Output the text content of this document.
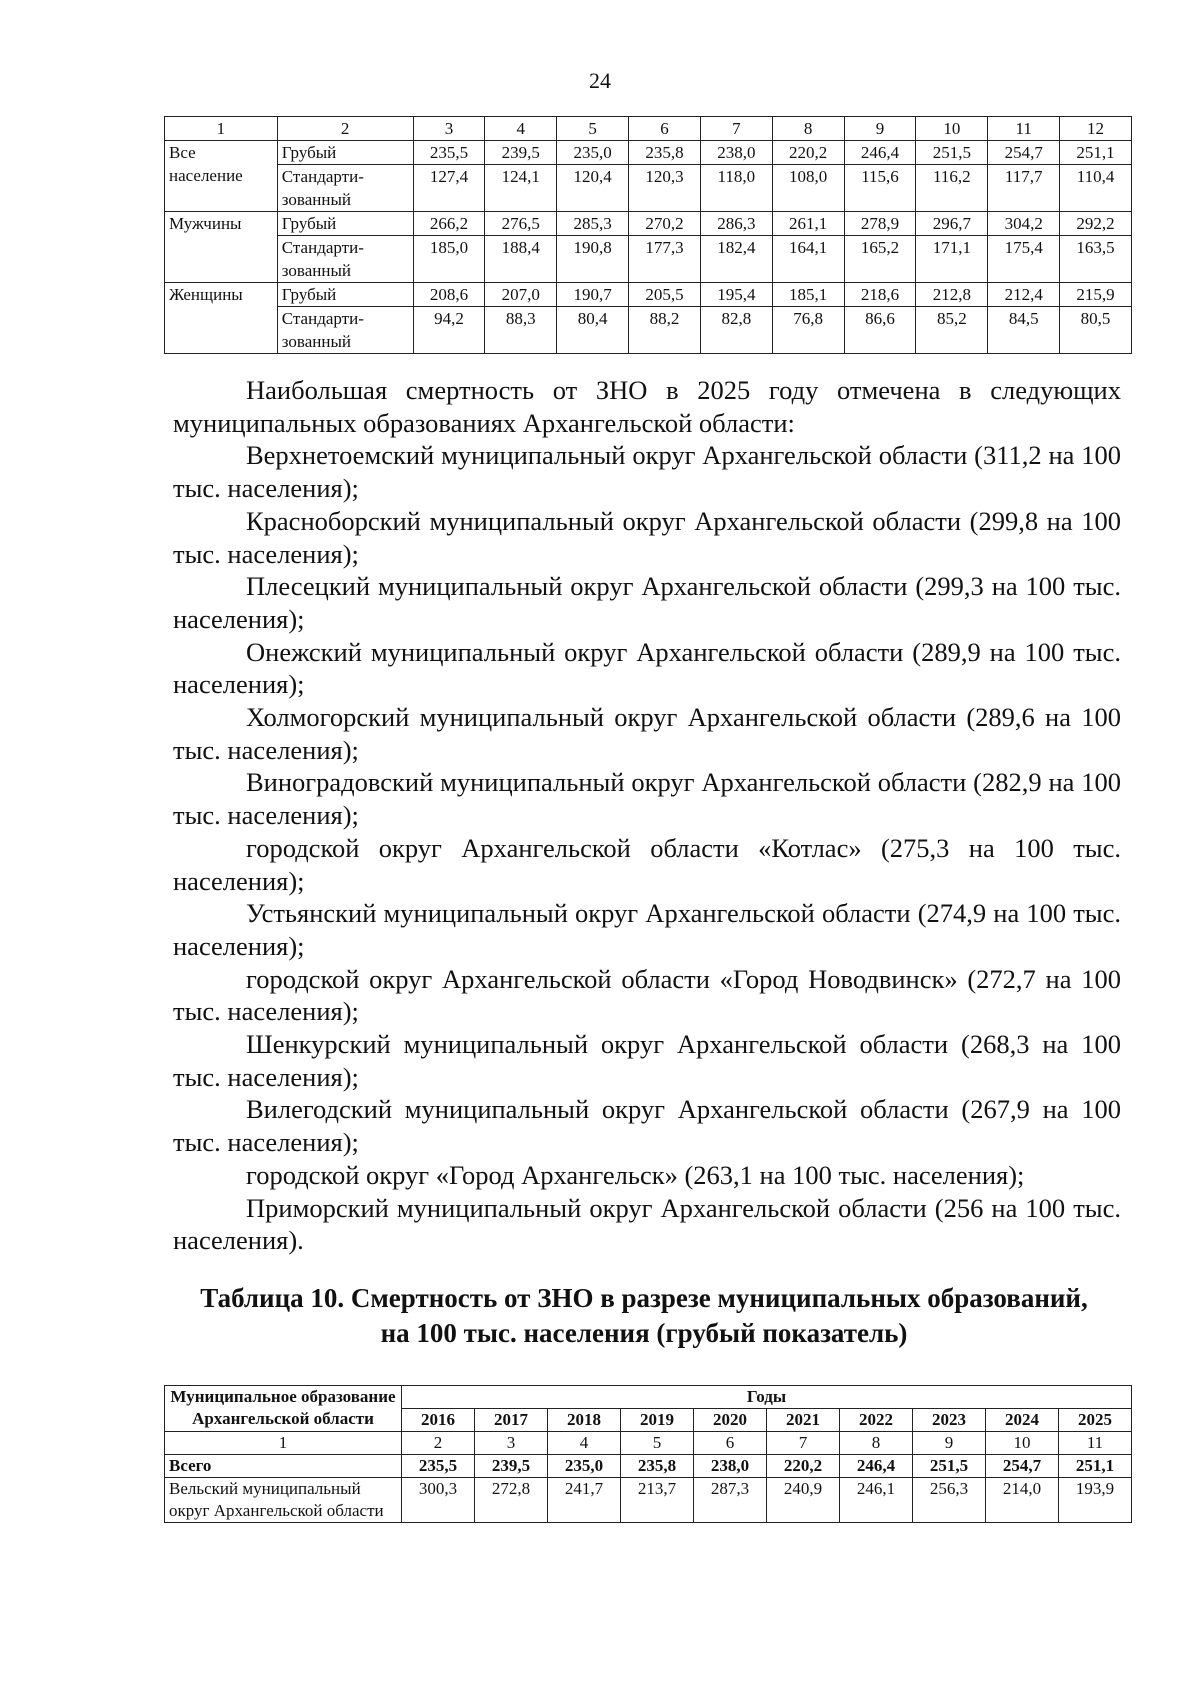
24
1	2	3	4	5	6	7	8	9	10	11	12
Все население	Грубый	235,5	239,5	235,0	235,8	238,0	220,2	246,4	251,5	254,7	251,1
	Стандарти-зованный	127,4	124,1	120,4	120,3	118,0	108,0	115,6	116,2	117,7	110,4
Мужчины	Грубый	266,2	276,5	285,3	270,2	286,3	261,1	278,9	296,7	304,2	292,2
	Стандарти-зованный	185,0	188,4	190,8	177,3	182,4	164,1	165,2	171,1	175,4	163,5
Женщины	Грубый	208,6	207,0	190,7	205,5	195,4	185,1	218,6	212,8	212,4	215,9
	Стандарти-зованный	94,2	88,3	80,4	88,2	82,8	76,8	86,6	85,2	84,5	80,5

Наибольшая смертность от ЗНО в 2025 году отмечена в следующих муниципальных образованиях Архангельской области:

Верхнетоемский муниципальный округ Архангельской области (311,2 на 100 тыс. населения);

Красноборский муниципальный округ Архангельской области (299,8 на 100 тыс. населения);

Плесецкий муниципальный округ Архангельской области (299,3 на 100 тыс. населения);

Онежский муниципальный округ Архангельской области (289,9 на 100 тыс. населения);

Холмогорский муниципальный округ Архангельской области (289,6 на 100 тыс. населения);

Виноградовский муниципальный округ Архангельской области (282,9 на 100 тыс. населения);

городской округ Архангельской области «Котлас» (275,3 на 100 тыс. населения);

Устьянский муниципальный округ Архангельской области (274,9 на 100 тыс. населения);

городской округ Архангельской области «Город Новодвинск» (272,7 на 100 тыс. населения);

Шенкурский муниципальный округ Архангельской области (268,3 на 100 тыс. населения);

Вилегодский муниципальный округ Архангельской области (267,9 на 100 тыс. населения);

городской округ «Город Архангельск» (263,1 на 100 тыс. населения);

Приморский муниципальный округ Архангельской области (256 на 100 тыс. населения).

Таблица 10. Смертность от ЗНО в разрезе муниципальных образований,
на 100 тыс. населения (грубый показатель)
Муниципальное образование Архангельской области	Годы									
	2016	2017	2018	2019	2020	2021	2022	2023	2024	2025
1	2	3	4	5	6	7	8	9	10	11
Всего	235,5	239,5	235,0	235,8	238,0	220,2	246,4	251,5	254,7	251,1
Вельский муниципальный округ Архангельской области	300,3	272,8	241,7	213,7	287,3	240,9	246,1	256,3	214,0	193,9
